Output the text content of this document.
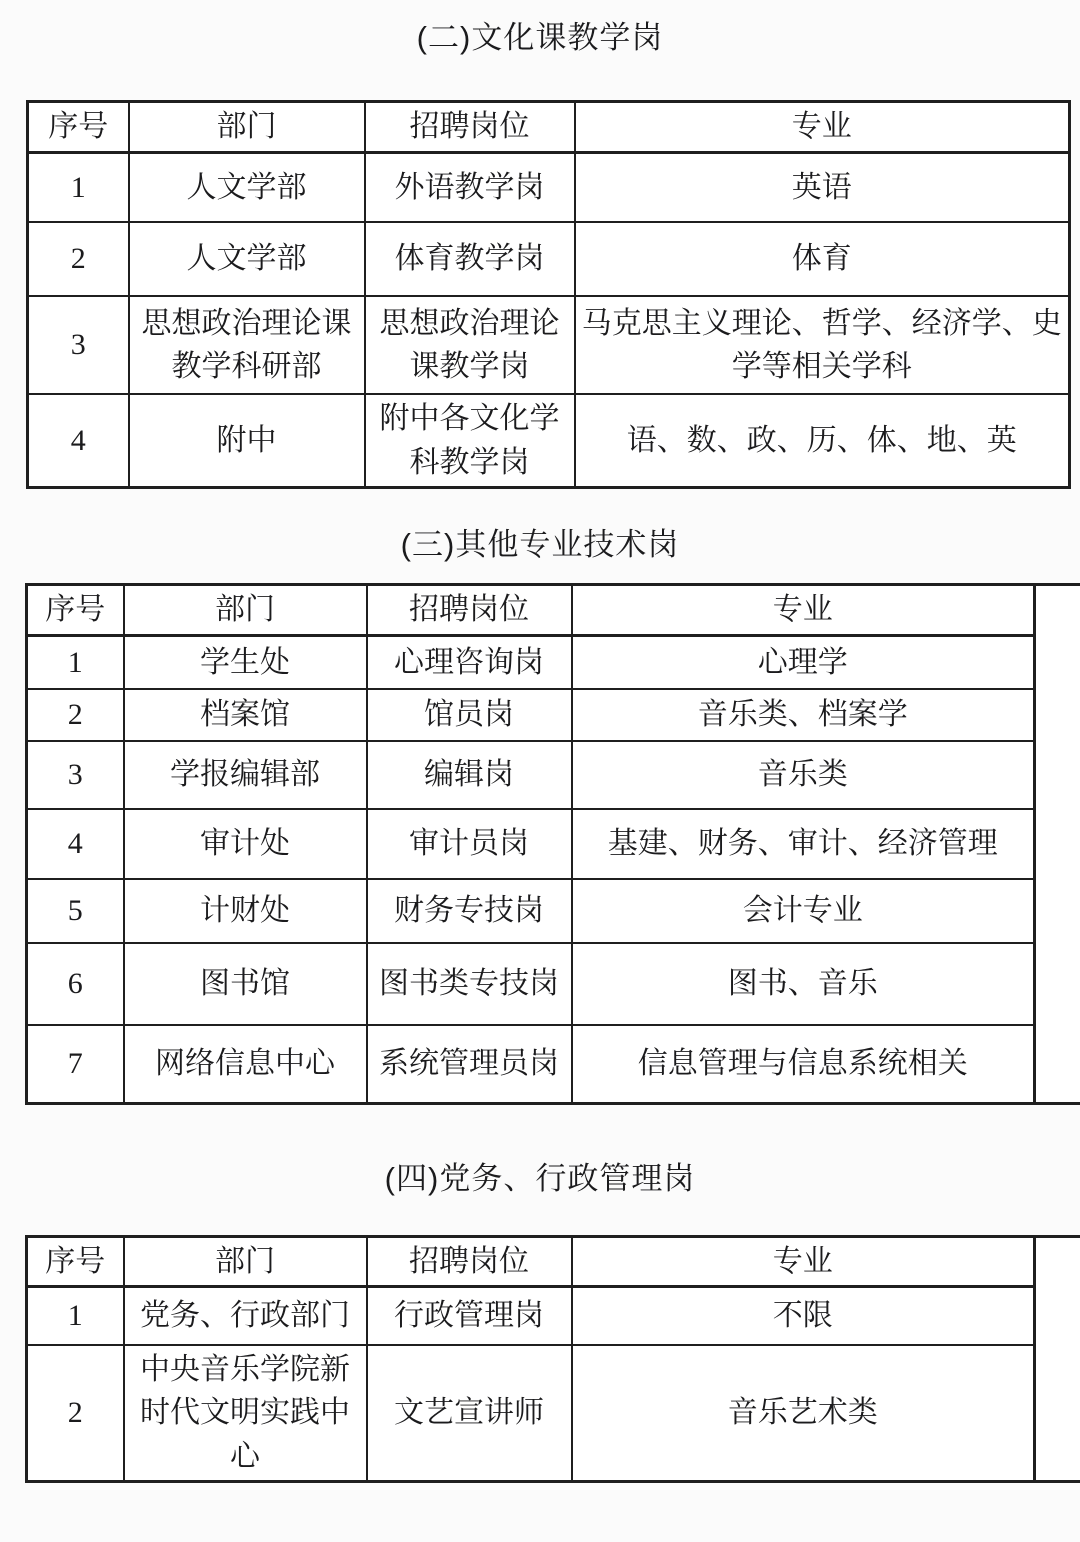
(二)文化课教学岗
序号	部门	招聘岗位	专业
1	人文学部	外语教学岗	英语
2	人文学部	体育教学岗	体育
3	思想政治理论课教学科研部	思想政治理论课教学岗	马克思主义理论、哲学、经济学、史学等相关学科
4	附中	附中各文化学科教学岗	语、数、政、历、体、地、英
(三)其他专业技术岗
序号	部门	招聘岗位	专业
1	学生处	心理咨询岗	心理学
2	档案馆	馆员岗	音乐类、档案学
3	学报编辑部	编辑岗	音乐类
4	审计处	审计员岗	基建、财务、审计、经济管理
5	计财处	财务专技岗	会计专业
6	图书馆	图书类专技岗	图书、音乐
7	网络信息中心	系统管理员岗	信息管理与信息系统相关
(四)党务、行政管理岗
序号	部门	招聘岗位	专业
1	党务、行政部门	行政管理岗	不限
2	中央音乐学院新时代文明实践中心	文艺宣讲师	音乐艺术类
